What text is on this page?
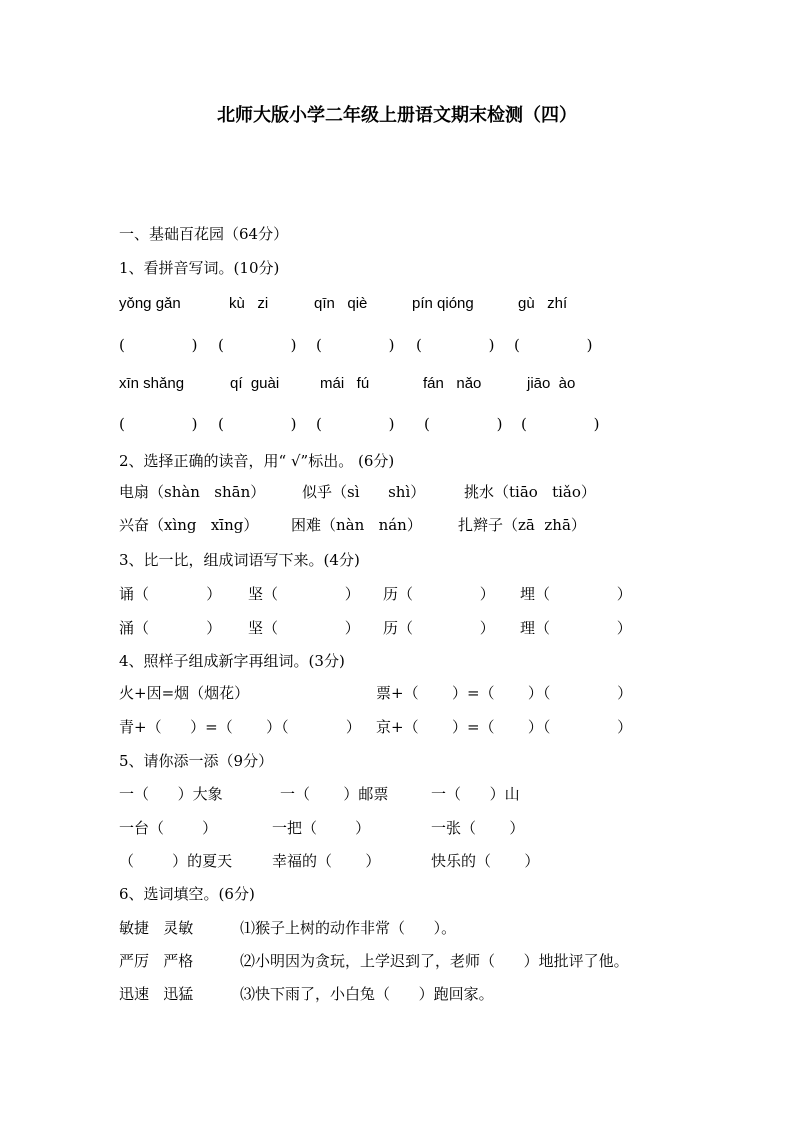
北师大版小学二年级上册语文期末检测（四）
一、基础百花园（64分）
1、看拼音写词。(10分)
yǒng gǎn	kù   zi	qīn   qiè	pín qióng	gù   zhí
(              ) (              ) (              ) (              ) (              )
xīn shǎng	qí  guài	mái   fú	fán   nǎo	jiāo  ào
(              ) (              ) (              ) (              ) (              )
2、选择正确的读音，用“ √”标出。 (6分)
电扇（shàn   shān） 似乎（sì      shì）	挑水（tiāo   tiǎo）
兴奋（xìng   xīng） 困难（nàn   nán） 扎辫子（zā  zhā）
3、比一比，组成词语写下来。(4分)
诵（            ） 坚（              ） 历（              ） 埋（              ）
涌（            ） 坚（              ） 历（              ） 理（              ）
4、照样子组成新字再组词。(3分)
火+因=烟（烟花）	票+（       ）=（       ）（              ）
青+（      ）=（       ）（            ） 京+（       ）=（       ）（              ）
5、请你添一添（9分）
一（      ）大象	一（       ）邮票	一（      ）山
一台（        ）	一把（        ）	一张（       ）
（        ）的夏天	幸福的（       ）	快乐的（       ）
6、选词填空。(6分)
敏捷   灵敏	⑴猴子上树的动作非常（      ）。
严厉   严格	⑵小明因为贪玩，上学迟到了，老师（      ）地批评了他。
迅速   迅猛	⑶快下雨了，小白兔（      ）跑回家。
